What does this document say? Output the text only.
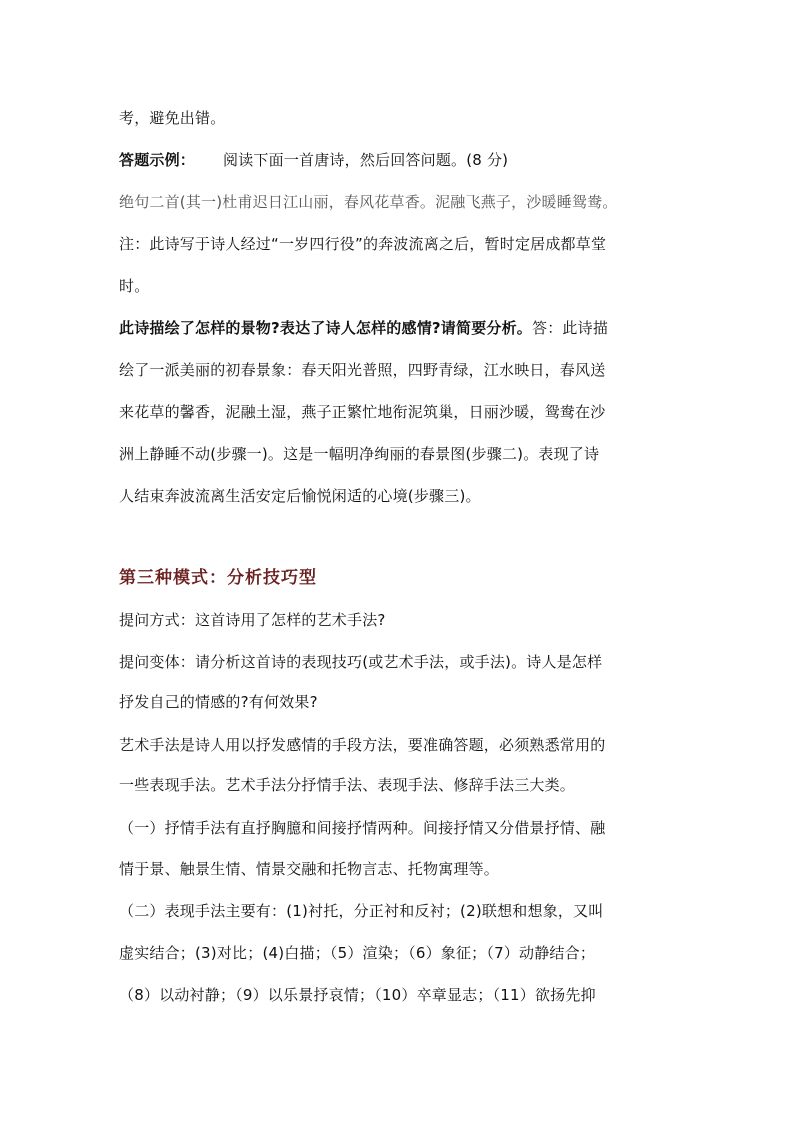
考，避免出错。
答题示例： 阅读下面一首唐诗，然后回答问题。(8 分)
绝句二首(其一)杜甫迟日江山丽，春风花草香。泥融飞燕子，沙暖睡鸳鸯。
注：此诗写于诗人经过“一岁四行役”的奔波流离之后，暂时定居成都草堂
时。
此诗描绘了怎样的景物?表达了诗人怎样的感情?请简要分析。答：此诗描
绘了一派美丽的初春景象：春天阳光普照，四野青绿，江水映日，春风送
来花草的馨香，泥融土湿，燕子正繁忙地衔泥筑巢，日丽沙暖，鸳鸯在沙
洲上静睡不动(步骤一)。这是一幅明净绚丽的春景图(步骤二)。表现了诗
人结束奔波流离生活安定后愉悦闲适的心境(步骤三)。
第三种模式：分析技巧型
提问方式：这首诗用了怎样的艺术手法?
提问变体：请分析这首诗的表现技巧(或艺术手法，或手法)。诗人是怎样
抒发自己的情感的?有何效果?
艺术手法是诗人用以抒发感情的手段方法，要准确答题，必须熟悉常用的
一些表现手法。艺术手法分抒情手法、表现手法、修辞手法三大类。
（一）抒情手法有直抒胸臆和间接抒情两种。间接抒情又分借景抒情、融
情于景、触景生情、情景交融和托物言志、托物寓理等。
（二）表现手法主要有：(1)衬托，分正衬和反衬；(2)联想和想象，又叫
虚实结合；(3)对比；(4)白描；（5）渲染；（6）象征；（7）动静结合；
（8）以动衬静；（9）以乐景抒哀情；（10）卒章显志；（11）欲扬先抑
